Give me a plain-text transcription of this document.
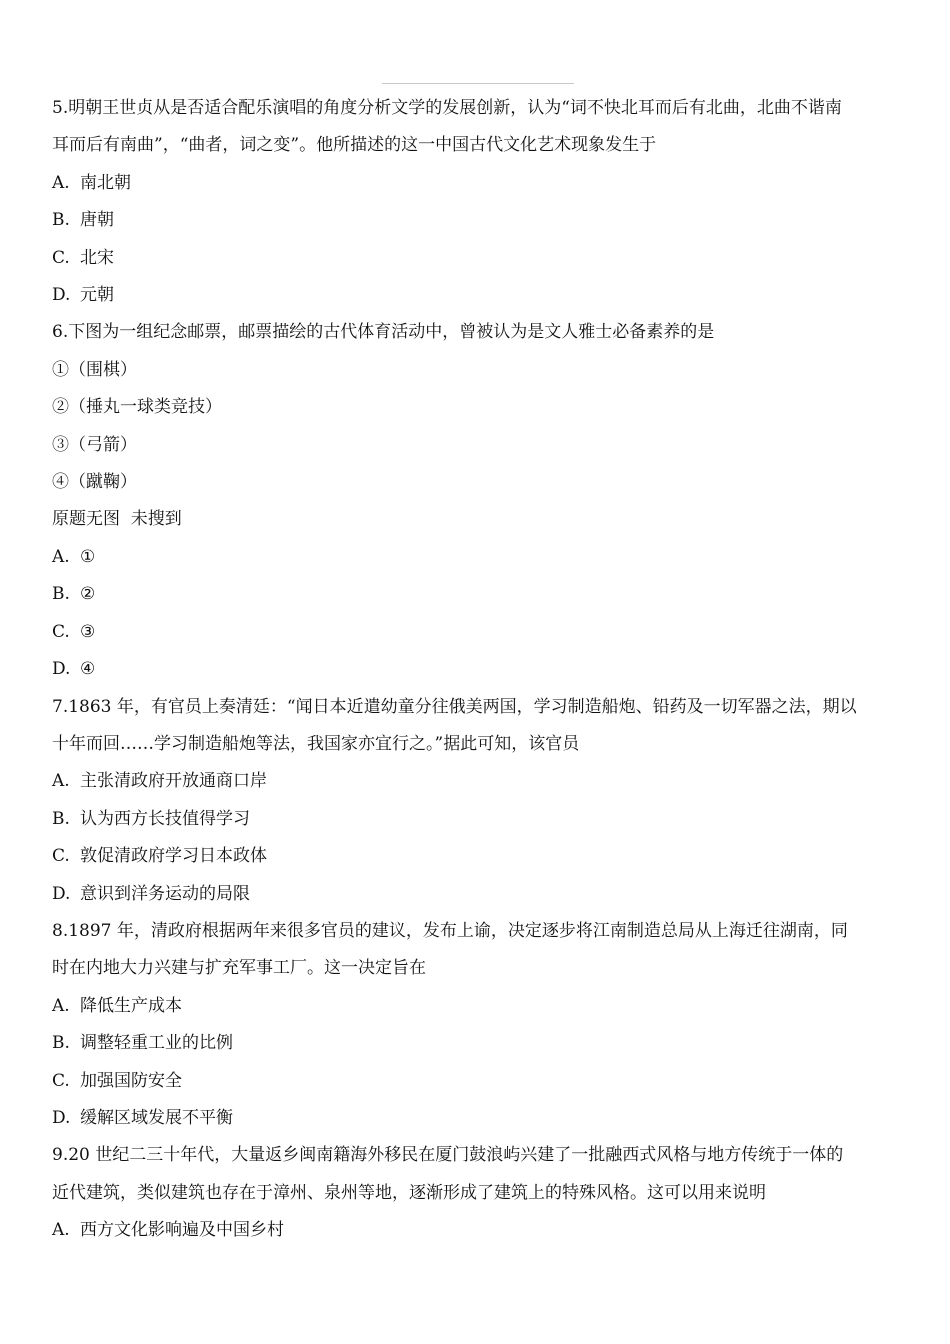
5.明朝王世贞从是否适合配乐演唱的角度分析文学的发展创新，认为“词不快北耳而后有北曲，北曲不谐南
耳而后有南曲”，“曲者，词之变”。他所描述的这一中国古代文化艺术现象发生于
A. 南北朝
B. 唐朝
C. 北宋
D. 元朝
6.下图为一组纪念邮票，邮票描绘的古代体育活动中，曾被认为是文人雅士必备素养的是
①（围棋）
②（捶丸一球类竞技）
③（弓箭）
④（蹴鞠）
原题无图  未搜到
A. ①
B. ②
C. ③
D. ④
7.1863 年，有官员上奏清廷：“闻日本近遣幼童分往俄美两国，学习制造船炮、铅药及一切军器之法，期以
十年而回……学习制造船炮等法，我国家亦宜行之。”据此可知，该官员
A. 主张清政府开放通商口岸
B. 认为西方长技值得学习
C. 敦促清政府学习日本政体
D. 意识到洋务运动的局限
8.1897 年，清政府根据两年来很多官员的建议，发布上谕，决定逐步将江南制造总局从上海迁往湖南，同
时在内地大力兴建与扩充军事工厂。这一决定旨在
A. 降低生产成本
B. 调整轻重工业的比例
C. 加强国防安全
D. 缓解区域发展不平衡
9.20 世纪二三十年代，大量返乡闽南籍海外移民在厦门鼓浪屿兴建了一批融西式风格与地方传统于一体的
近代建筑，类似建筑也存在于漳州、泉州等地，逐渐形成了建筑上的特殊风格。这可以用来说明
A. 西方文化影响遍及中国乡村
